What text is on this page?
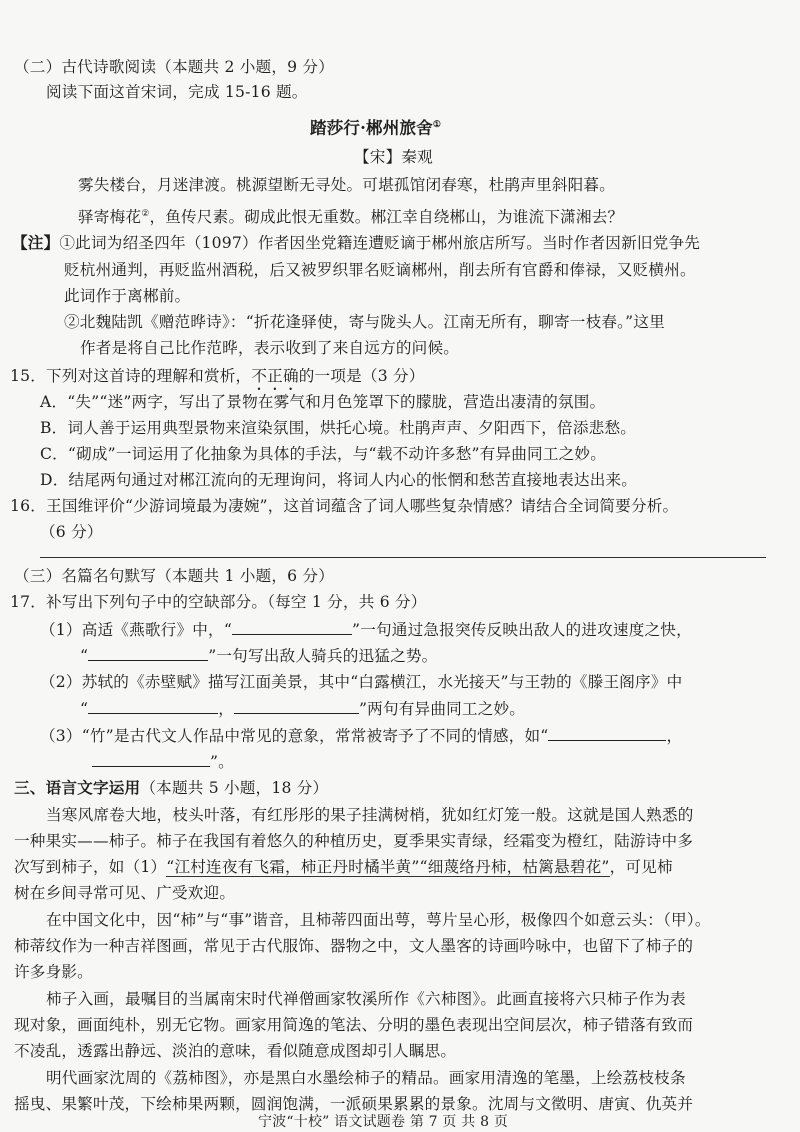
（二）古代诗歌阅读（本题共 2 小题，9 分）
阅读下面这首宋词，完成 15-16 题。
踏莎行·郴州旅舍①
【宋】秦观
雾失楼台，月迷津渡。桃源望断无寻处。可堪孤馆闭春寒，杜鹃声里斜阳暮。
驿寄梅花②，鱼传尺素。砌成此恨无重数。郴江幸自绕郴山，为谁流下潇湘去？
【注】①此词为绍圣四年（1097）作者因坐党籍连遭贬谪于郴州旅店所写。当时作者因新旧党争先
贬杭州通判，再贬监州酒税，后又被罗织罪名贬谪郴州，削去所有官爵和俸禄，又贬横州。
此词作于离郴前。
②北魏陆凯《赠范晔诗》：“折花逢驿使，寄与陇头人。江南无所有，聊寄一枝春。”这里
作者是将自己比作范晔，表示收到了来自远方的问候。
15．下列对这首诗的理解和赏析，不正确的一项是（3 分）
A．“失”“迷”两字，写出了景物在雾气和月色笼罩下的朦胧，营造出凄清的氛围。
B．词人善于运用典型景物来渲染氛围，烘托心境。杜鹃声声、夕阳西下，倍添悲愁。
C．“砌成”一词运用了化抽象为具体的手法，与“载不动许多愁”有异曲同工之妙。
D．结尾两句通过对郴江流向的无理询问，将词人内心的怅惘和愁苦直接地表达出来。
16．王国维评价“少游词境最为凄婉”，这首词蕴含了词人哪些复杂情感？请结合全词简要分析。
（6 分）
（三）名篇名句默写（本题共 1 小题，6 分）
17．补写出下列句子中的空缺部分。（每空 1 分，共 6 分）
（1）高适《燕歌行》中，“	”一句通过急报突传反映出敌人的进攻速度之快，
“	”一句写出敌人骑兵的迅猛之势。
（2）苏轼的《赤壁赋》描写江面美景，其中“白露横江，水光接天”与王勃的《滕王阁序》中
“	，	”两句有异曲同工之妙。
（3）“竹”是古代文人作品中常见的意象，常常被寄予了不同的情感，如“	，
”。
三、语言文字运用（本题共 5 小题，18 分）
当寒风席卷大地，枝头叶落，有红彤彤的果子挂满树梢，犹如红灯笼一般。这就是国人熟悉的
一种果实——柿子。柿子在我国有着悠久的种植历史，夏季果实青绿，经霜变为橙红，陆游诗中多
次写到柿子，如（1）“江村连夜有飞霜，柿正丹时橘半黄”“细蔑络丹柿，枯篱悬碧花”，可见柿
树在乡间寻常可见、广受欢迎。
在中国文化中，因“柿”与“事”谐音，且柿蒂四面出萼，萼片呈心形，极像四个如意云头：（甲）。
柿蒂纹作为一种吉祥图画，常见于古代服饰、器物之中，文人墨客的诗画吟咏中，也留下了柿子的
许多身影。
柿子入画，最嘱目的当属南宋时代禅僧画家牧溪所作《六柿图》。此画直接将六只柿子作为表
现对象，画面纯朴，别无它物。画家用简逸的笔法、分明的墨色表现出空间层次，柿子错落有致而
不凌乱，透露出静远、淡泊的意味，看似随意成图却引人瞩思。
明代画家沈周的《荔柿图》，亦是黑白水墨绘柿子的精品。画家用清逸的笔墨，上绘荔枝枝条
摇曳、果繁叶茂，下绘柿果两颗，圆润饱满，一派硕果累累的景象。沈周与文徵明、唐寅、仇英并
宁波“十校” 语文试题卷 第 7 页 共 8 页
